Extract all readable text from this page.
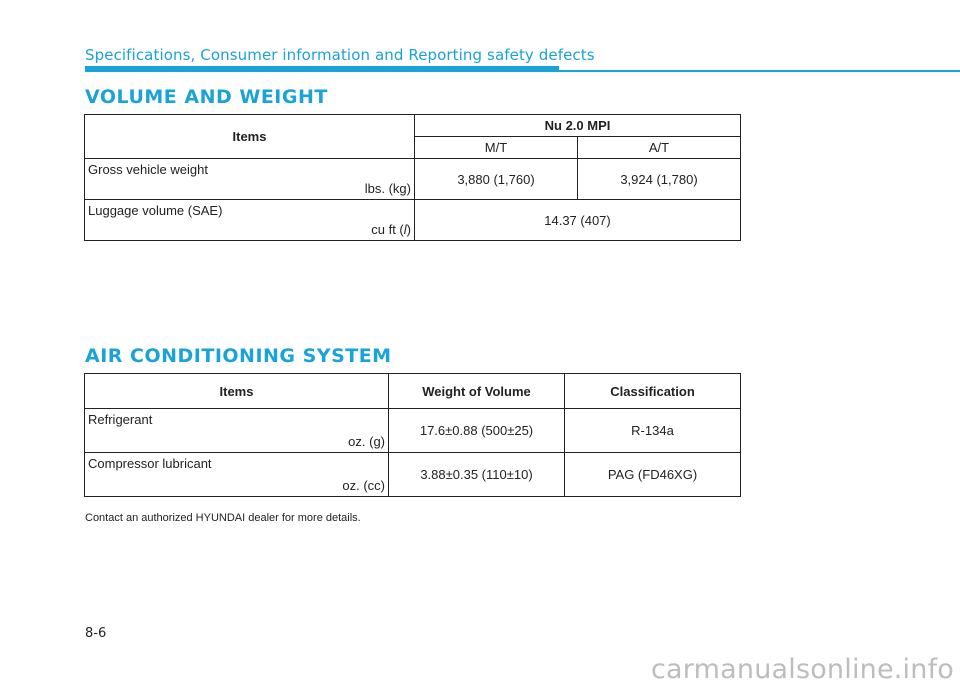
Specifications, Consumer information and Reporting safety defects
VOLUME AND WEIGHT
Items	Nu 2.0 MPI	
	M/T	A/T

Gross vehicle weight
lbs. (kg)	3,880 (1,760)	3,924 (1,780)

Luggage volume (SAE)
cu ft (l)	14.37 (407)	
AIR CONDITIONING SYSTEM
Items	Weight of Volume	Classification

Refrigerant
oz. (g)	17.6±0.88 (500±25)	R-134a

Compressor lubricant
oz. (cc)	3.88±0.35 (110±10)	PAG (FD46XG)
Contact an authorized HYUNDAI dealer for more details.
8-6
carmanualsonline.info
